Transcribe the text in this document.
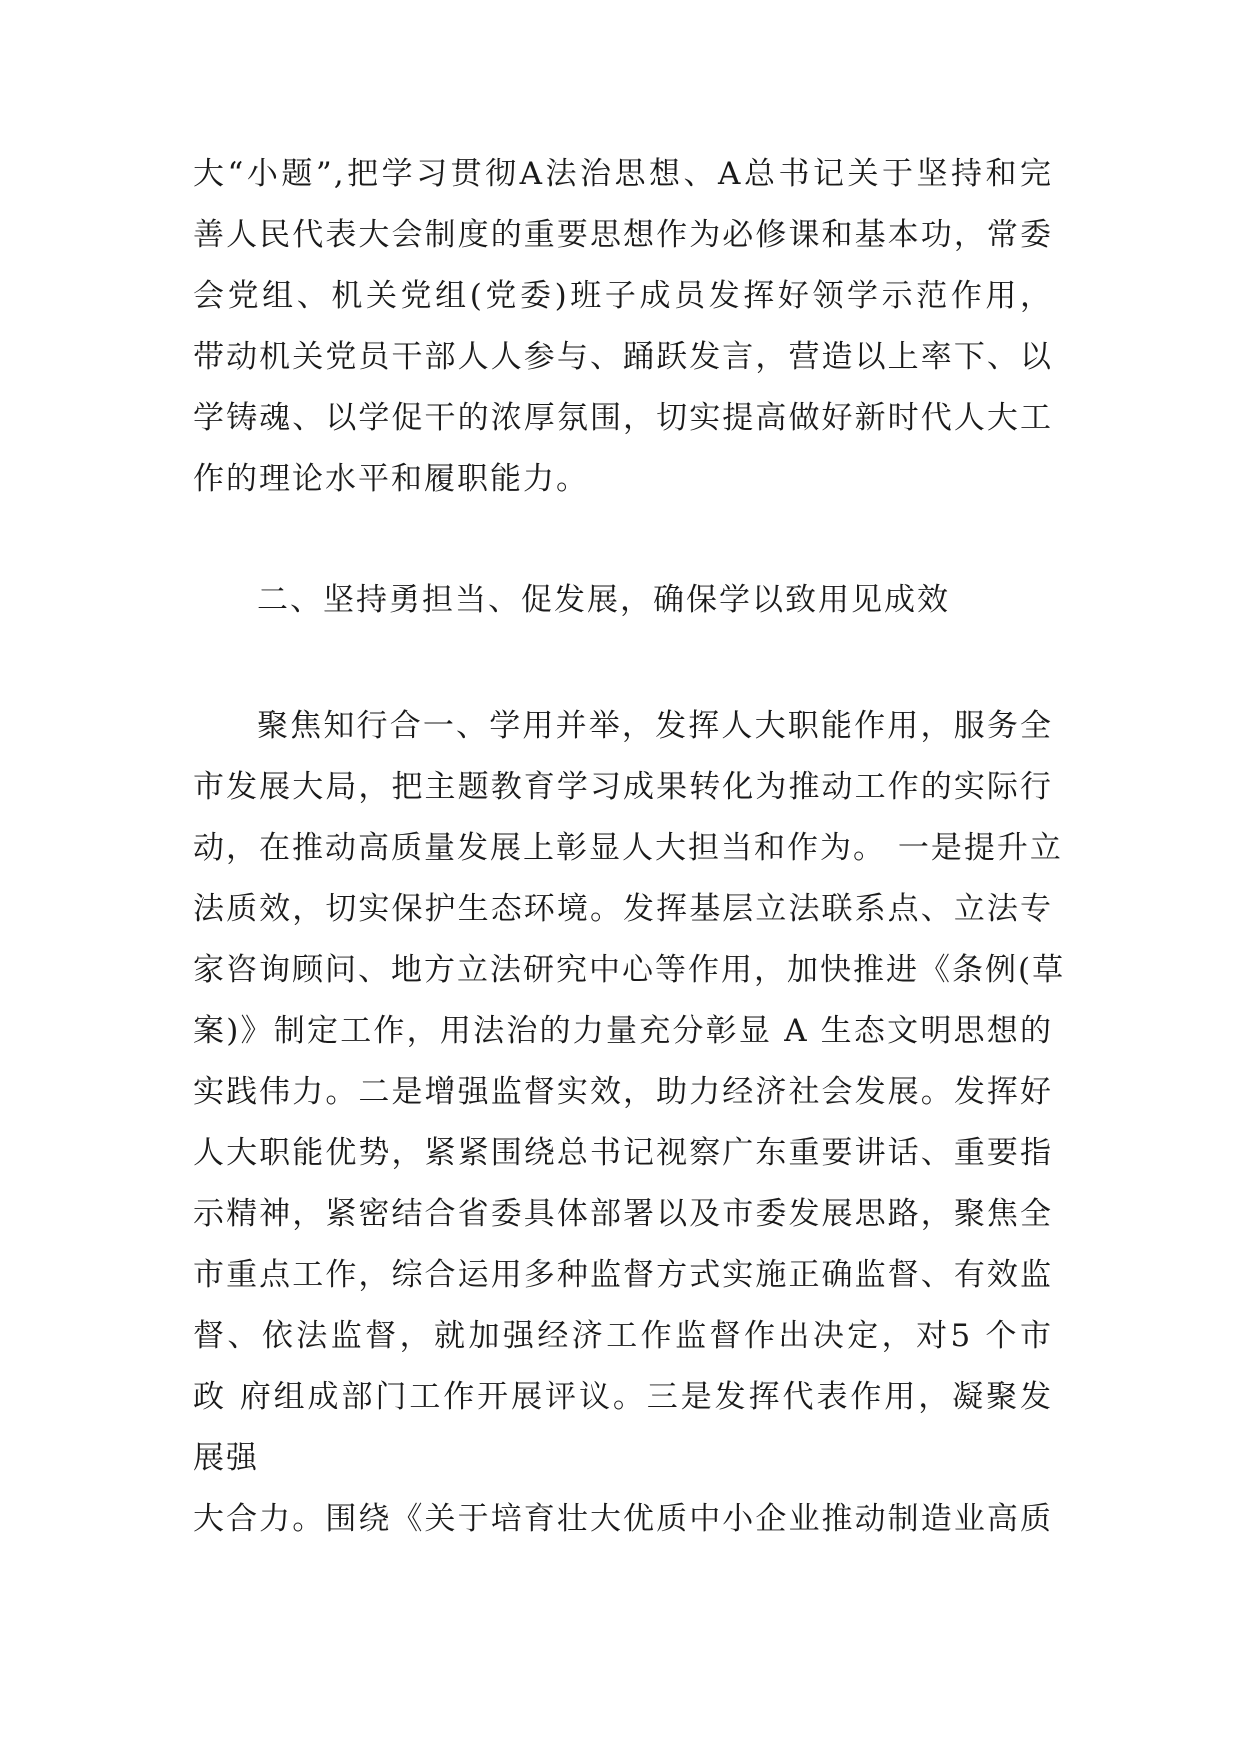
大“小题”,把学习贯彻A法治思想、A总书记关于坚持和完
善人民代表大会制度的重要思想作为必修课和基本功，常委
会党组、机关党组(党委)班子成员发挥好领学示范作用，
带动机关党员干部人人参与、踊跃发言，营造以上率下、以
学铸魂、以学促干的浓厚氛围，切实提高做好新时代人大工
作的理论水平和履职能力。
二、坚持勇担当、促发展，确保学以致用见成效
聚焦知行合一、学用并举，发挥人大职能作用，服务全
市发展大局，把主题教育学习成果转化为推动工作的实际行
动，在推动高质量发展上彰显人大担当和作为。 一是提升立
法质效，切实保护生态环境。发挥基层立法联系点、立法专
家咨询顾问、地方立法研究中心等作用，加快推进《条例(草
案)》制定工作，用法治的力量充分彰显 A 生态文明思想的
实践伟力。二是增强监督实效，助力经济社会发展。发挥好
人大职能优势，紧紧围绕总书记视察广东重要讲话、重要指
示精神，紧密结合省委具体部署以及市委发展思路，聚焦全
市重点工作，综合运用多种监督方式实施正确监督、有效监
督、依法监督，就加强经济工作监督作出决定，对5 个市
政 府组成部门工作开展评议。三是发挥代表作用，凝聚发
展强
大合力。围绕《关于培育壮大优质中小企业推动制造业高质
